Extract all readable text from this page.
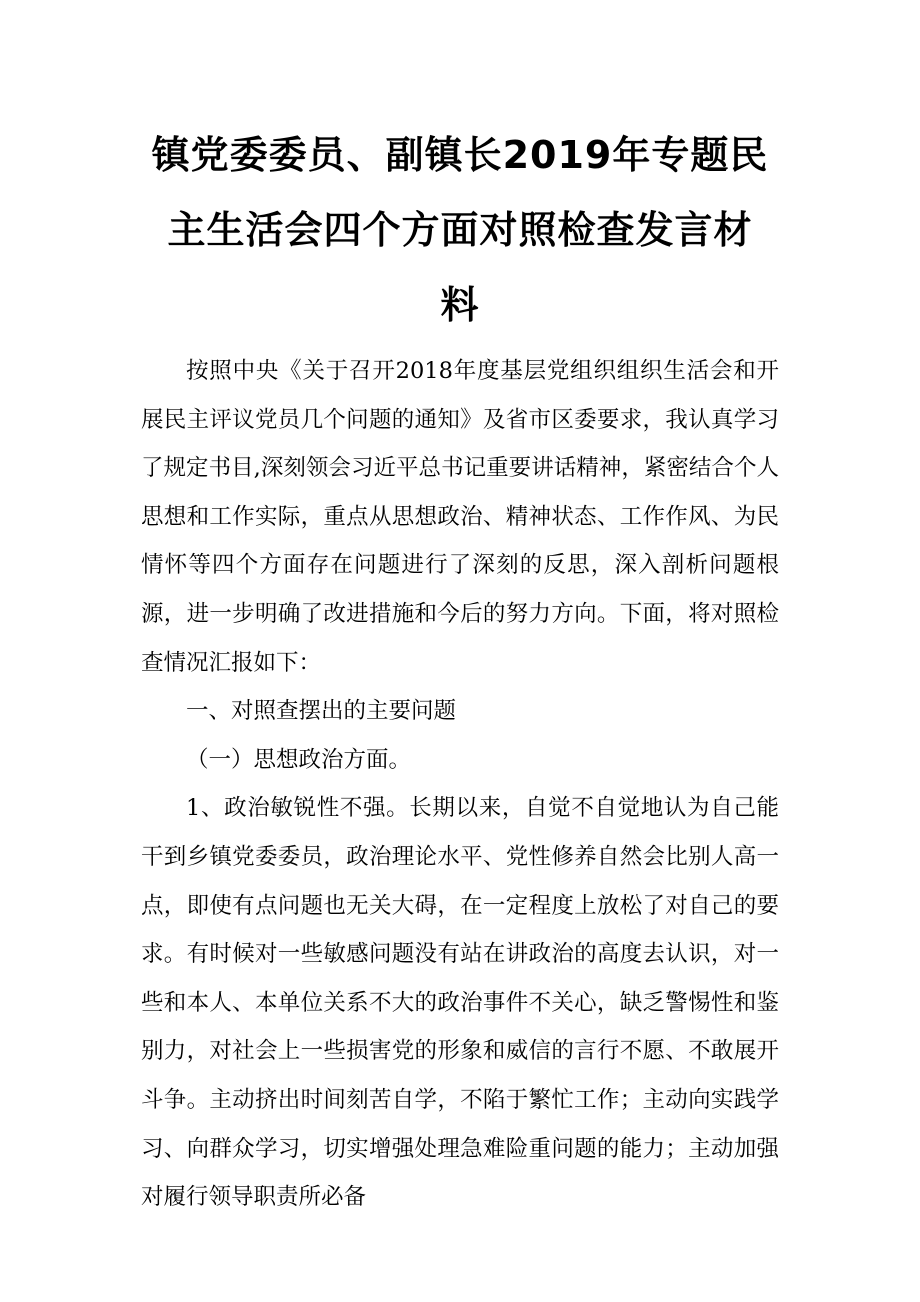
镇党委委员、副镇长2019年专题民
主生活会四个方面对照检查发言材
料

按照中央《关于召开2018年度基层党组织组织生活会和开展民主评议党员几个问题的通知》及省市区委要求，我认真学习了规定书目,深刻领会习近平总书记重要讲话精神，紧密结合个人思想和工作实际，重点从思想政治、精神状态、工作作风、为民情怀等四个方面存在问题进行了深刻的反思，深入剖析问题根源，进一步明确了改进措施和今后的努力方向。下面，将对照检查情况汇报如下：

一、对照查摆出的主要问题

（一）思想政治方面。

1、政治敏锐性不强。长期以来，自觉不自觉地认为自己能干到乡镇党委委员，政治理论水平、党性修养自然会比别人高一点，即使有点问题也无关大碍，在一定程度上放松了对自己的要求。有时候对一些敏感问题没有站在讲政治的高度去认识，对一些和本人、本单位关系不大的政治事件不关心，缺乏警惕性和鉴别力，对社会上一些损害党的形象和威信的言行不愿、不敢展开斗争。主动挤出时间刻苦自学，不陷于繁忙工作；主动向实践学习、向群众学习，切实增强处理急难险重问题的能力；主动加强对履行领导职责所必备
